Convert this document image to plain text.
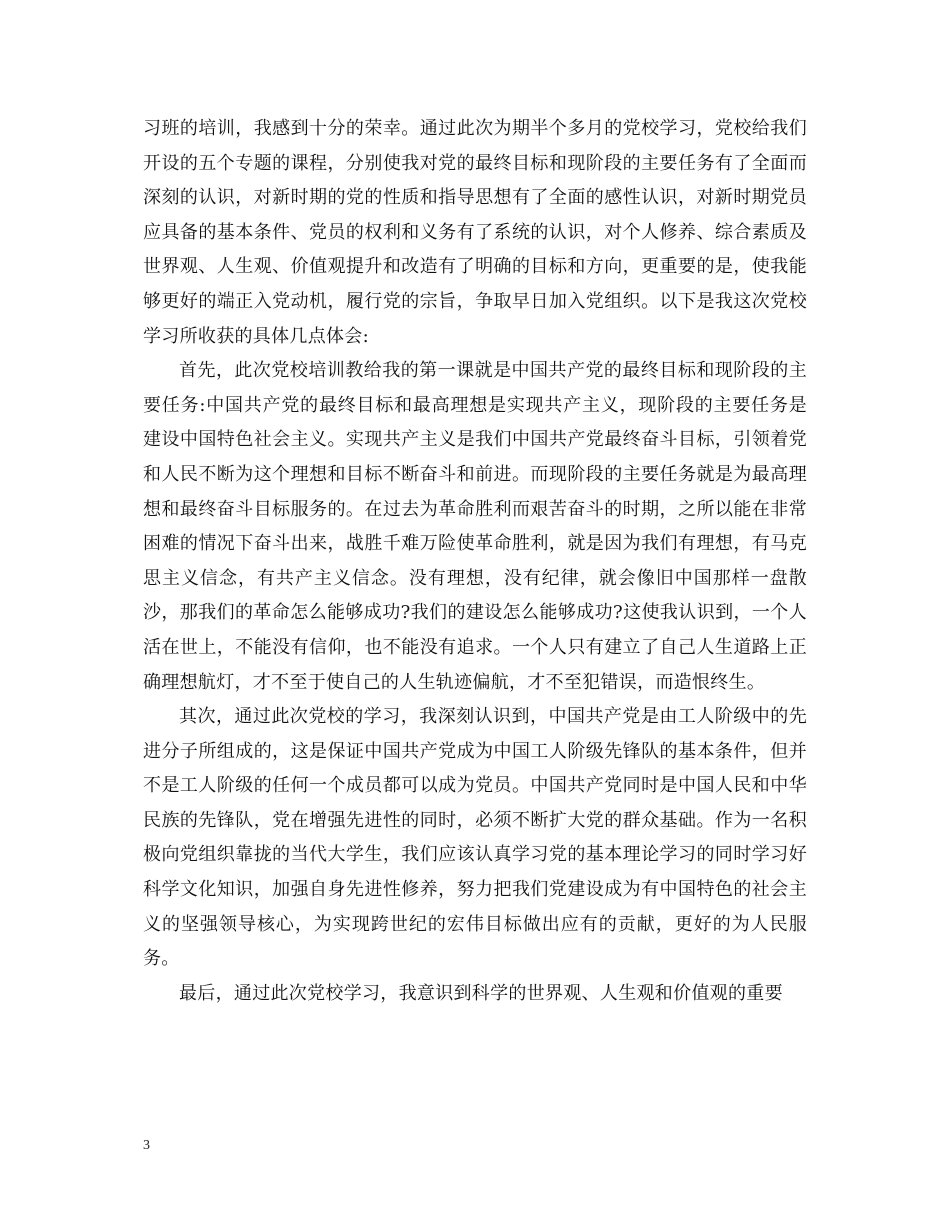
习班的培训，我感到十分的荣幸。通过此次为期半个多月的党校学习，党校给我们开设的五个专题的课程，分别使我对党的最终目标和现阶段的主要任务有了全面而深刻的认识，对新时期的党的性质和指导思想有了全面的感性认识，对新时期党员应具备的基本条件、党员的权利和义务有了系统的认识，对个人修养、综合素质及世界观、人生观、价值观提升和改造有了明确的目标和方向，更重要的是，使我能够更好的端正入党动机，履行党的宗旨，争取早日加入党组织。以下是我这次党校学习所收获的具体几点体会:

首先，此次党校培训教给我的第一课就是中国共产党的最终目标和现阶段的主要任务:中国共产党的最终目标和最高理想是实现共产主义，现阶段的主要任务是建设中国特色社会主义。实现共产主义是我们中国共产党最终奋斗目标，引领着党和人民不断为这个理想和目标不断奋斗和前进。而现阶段的主要任务就是为最高理想和最终奋斗目标服务的。在过去为革命胜利而艰苦奋斗的时期，之所以能在非常困难的情况下奋斗出来，战胜千难万险使革命胜利，就是因为我们有理想，有马克思主义信念，有共产主义信念。没有理想，没有纪律，就会像旧中国那样一盘散沙，那我们的革命怎么能够成功?我们的建设怎么能够成功?这使我认识到，一个人活在世上，不能没有信仰，也不能没有追求。一个人只有建立了自己人生道路上正确理想航灯，才不至于使自己的人生轨迹偏航，才不至犯错误，而造恨终生。

其次，通过此次党校的学习，我深刻认识到，中国共产党是由工人阶级中的先进分子所组成的，这是保证中国共产党成为中国工人阶级先锋队的基本条件，但并不是工人阶级的任何一个成员都可以成为党员。中国共产党同时是中国人民和中华民族的先锋队，党在增强先进性的同时，必须不断扩大党的群众基础。作为一名积极向党组织靠拢的当代大学生，我们应该认真学习党的基本理论学习的同时学习好科学文化知识，加强自身先进性修养，努力把我们党建设成为有中国特色的社会主义的坚强领导核心，为实现跨世纪的宏伟目标做出应有的贡献，更好的为人民服务。

最后，通过此次党校学习，我意识到科学的世界观、人生观和价值观的重要

3
